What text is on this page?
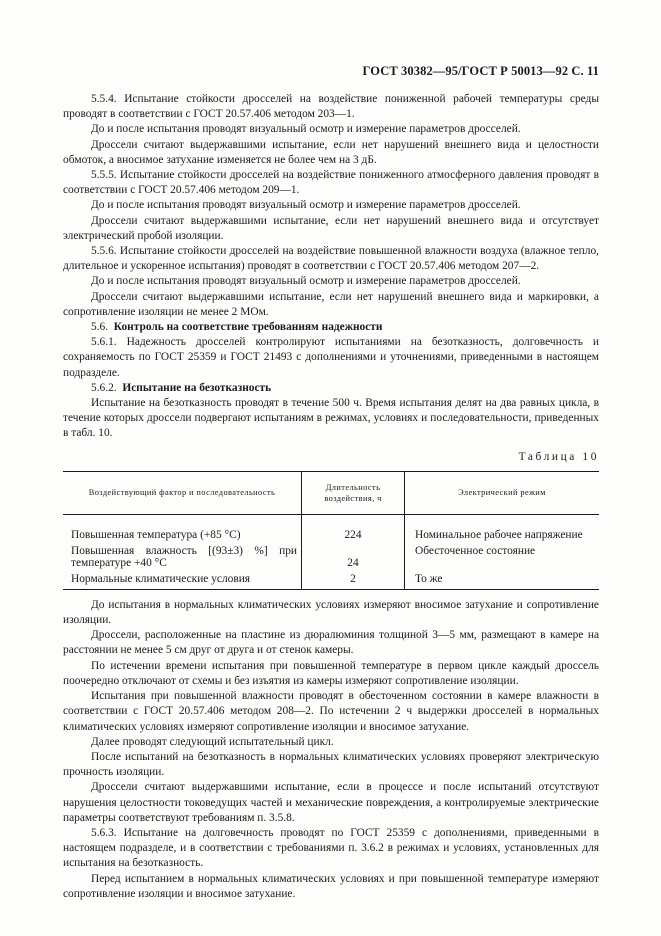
ГОСТ 30382—95/ГОСТ Р 50013—92 С. 11

5.5.4. Испытание стойкости дросселей на воздействие пониженной рабочей температуры среды проводят в соответствии с ГОСТ 20.57.406 методом 203—1.

До и после испытания проводят визуальный осмотр и измерение параметров дросселей.

Дроссели считают выдержавшими испытание, если нет нарушений внешнего вида и целостности обмоток, а вносимое затухание изменяется не более чем на 3 дБ.

5.5.5. Испытание стойкости дросселей на воздействие пониженного атмосферного давления проводят в соответствии с ГОСТ 20.57.406 методом 209—1.

До и после испытания проводят визуальный осмотр и измерение параметров дросселей.

Дроссели считают выдержавшими испытание, если нет нарушений внешнего вида и отсутствует электрический пробой изоляции.

5.5.6. Испытание стойкости дросселей на воздействие повышенной влажности воздуха (влажное тепло, длительное и ускоренное испытания) проводят в соответствии с ГОСТ 20.57.406 методом 207—2.

До и после испытания проводят визуальный осмотр и измерение параметров дросселей.

Дроссели считают выдержавшими испытание, если нет нарушений внешнего вида и маркировки, а сопротивление изоляции не менее 2 МОм.

5.6. Контроль на соответствие требованиям надежности

5.6.1. Надежность дросселей контролируют испытаниями на безотказность, долговечность и сохраняемость по ГОСТ 25359 и ГОСТ 21493 с дополнениями и уточнениями, приведенными в настоящем подразделе.

5.6.2. Испытание на безотказность

Испытание на безотказность проводят в течение 500 ч. Время испытания делят на два равных цикла, в течение которых дроссели подвергают испытаниям в режимах, условиях и последовательности, приведенных в табл. 10.

Таблица 10
Воздействующий фактор и последовательность	Длительность воздействия, ч	Электрический режим
Повышенная температура (+85 °С)	224	Номинальное рабочее напряжение
Повышенная влажность [(93±3) %] при температуре +40 °С	24	Обесточенное состояние
Нормальные климатические условия	2	То же

До испытания в нормальных климатических условиях измеряют вносимое затухание и сопротивление изоляции.

Дроссели, расположенные на пластине из дюралюминия толщиной 3—5 мм, размещают в камере на расстоянии не менее 5 см друг от друга и от стенок камеры.

По истечении времени испытания при повышенной температуре в первом цикле каждый дроссель поочередно отключают от схемы и без изъятия из камеры измеряют сопротивление изоляции.

Испытания при повышенной влажности проводят в обесточенном состоянии в камере влажности в соответствии с ГОСТ 20.57.406 методом 208—2. По истечении 2 ч выдержки дросселей в нормальных климатических условиях измеряют сопротивление изоляции и вносимое затухание.

Далее проводят следующий испытательный цикл.

После испытаний на безотказность в нормальных климатических условиях проверяют электрическую прочность изоляции.

Дроссели считают выдержавшими испытание, если в процессе и после испытаний отсутствуют нарушения целостности токоведущих частей и механические повреждения, а контролируемые электрические параметры соответствуют требованиям п. 3.5.8.

5.6.3. Испытание на долговечность проводят по ГОСТ 25359 с дополнениями, приведенными в настоящем подразделе, и в соответствии с требованиями п. 3.6.2 в режимах и условиях, установленных для испытания на безотказность.

Перед испытанием в нормальных климатических условиях и при повышенной температуре измеряют сопротивление изоляции и вносимое затухание.
